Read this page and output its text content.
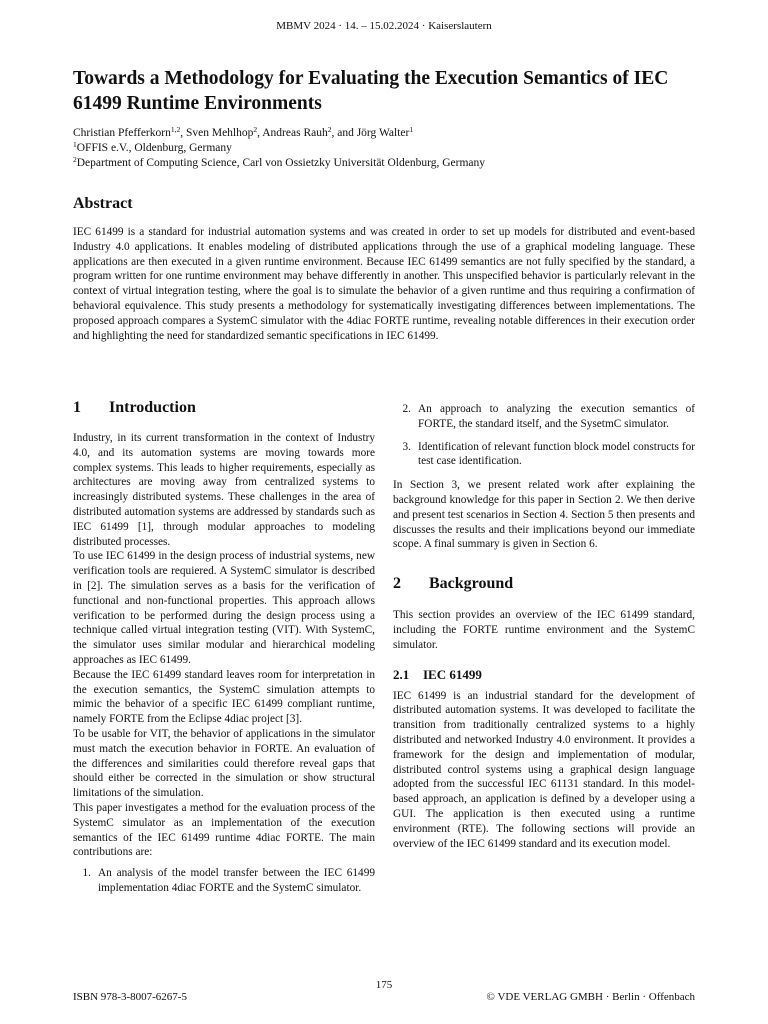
MBMV 2024 · 14. – 15.02.2024 · Kaiserslautern
Towards a Methodology for Evaluating the Execution Semantics of IEC 61499 Runtime Environments
Christian Pfefferkorn$^{1,2}$, Sven Mehlhop$^2$, Andreas Rauh$^2$, and Jörg Walter$^1$
$^1$OFFIS e.V., Oldenburg, Germany
$^2$Department of Computing Science, Carl von Ossietzky Universität Oldenburg, Germany
Abstract

IEC 61499 is a standard for industrial automation systems and was created in order to set up models for distributed and event-based Industry 4.0 applications. It enables modeling of distributed applications through the use of a graphical modeling language. These applications are then executed in a given runtime environment. Because IEC 61499 semantics are not fully specified by the standard, a program written for one runtime environment may behave differently in another. This unspecified behavior is particularly relevant in the context of virtual integration testing, where the goal is to simulate the behavior of a given runtime and thus requiring a confirmation of behavioral equivalence. This study presents a methodology for systematically investigating differences between implementations. The proposed approach compares a SystemC simulator with the 4diac FORTE runtime, revealing notable differences in their execution order and highlighting the need for standardized semantic specifications in IEC 61499.

1	Introduction

Industry, in its current transformation in the context of Industry 4.0, and its automation systems are moving towards more complex systems. This leads to higher requirements, especially as architectures are moving away from centralized systems to increasingly distributed systems. These challenges in the area of distributed automation systems are addressed by standards such as IEC 61499 [1], through modular approaches to modeling distributed processes.

To use IEC 61499 in the design process of industrial systems, new verification tools are requiered. A SystemC simulator is described in [2]. The simulation serves as a basis for the verification of functional and non-functional properties. This approach allows verification to be performed during the design process using a technique called virtual integration testing (VIT). With SystemC, the simulator uses similar modular and hierarchical modeling approaches as IEC 61499.

Because the IEC 61499 standard leaves room for interpretation in the execution semantics, the SystemC simulation attempts to mimic the behavior of a specific IEC 61499 compliant runtime, namely FORTE from the Eclipse 4diac project [3].

To be usable for VIT, the behavior of applications in the simulator must match the execution behavior in FORTE. An evaluation of the differences and similarities could therefore reveal gaps that should either be corrected in the simulation or show structural limitations of the simulation.

This paper investigates a method for the evaluation process of the SystemC simulator as an implementation of the execution semantics of the IEC 61499 runtime 4diac FORTE. The main contributions are:

1. An analysis of the model transfer between the IEC 61499 implementation 4diac FORTE and the SystemC simulator.
2. An approach to analyzing the execution semantics of FORTE, the standard itself, and the SysetmC simulator.
3. Identification of relevant function block model constructs for test case identification.

In Section 3, we present related work after explaining the background knowledge for this paper in Section 2. We then derive and present test scenarios in Section 4. Section 5 then presents and discusses the results and their implications beyond our immediate scope. A final summary is given in Section 6.

2	Background

This section provides an overview of the IEC 61499 standard, including the FORTE runtime environment and the SystemC simulator.

2.1	IEC 61499

IEC 61499 is an industrial standard for the development of distributed automation systems. It was developed to facilitate the transition from traditionally centralized systems to a highly distributed and networked Industry 4.0 environment. It provides a framework for the design and implementation of modular, distributed control systems using a graphical design language adopted from the successful IEC 61131 standard. In this model-based approach, an application is defined by a developer using a GUI. The application is then executed using a runtime environment (RTE). The following sections will provide an overview of the IEC 61499 standard and its execution model.

175
ISBN 978-3-8007-6267-5	© VDE VERLAG GMBH · Berlin · Offenbach
